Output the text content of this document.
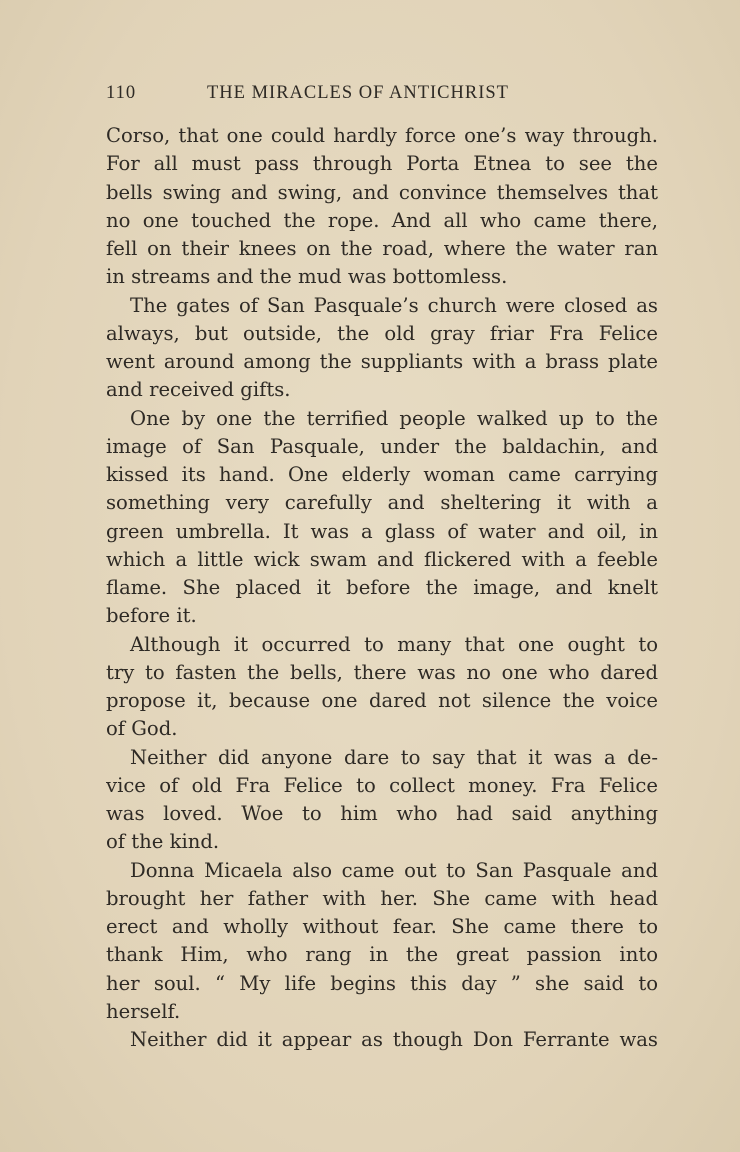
110	THE MIRACLES OF ANTICHRIST
Corso, that one could hardly force one’s way through.
For all must pass through Porta Etnea to see the
bells swing and swing, and convince themselves that
no one touched the rope. And all who came there,
fell on their knees on the road, where the water ran
in streams and the mud was bottomless.
The gates of San Pasquale’s church were closed as
always, but outside, the old gray friar Fra Felice
went around among the suppliants with a brass plate
and received gifts.
One by one the terrified people walked up to the
image of San Pasquale, under the baldachin, and
kissed its hand. One elderly woman came carrying
something very carefully and sheltering it with a
green umbrella. It was a glass of water and oil, in
which a little wick swam and flickered with a feeble
flame. She placed it before the image, and knelt
before it.
Although it occurred to many that one ought to
try to fasten the bells, there was no one who dared
propose it, because one dared not silence the voice
of God.
Neither did anyone dare to say that it was a de-
vice of old Fra Felice to collect money. Fra Felice
was loved. Woe to him who had said anything
of the kind.
Donna Micaela also came out to San Pasquale and
brought her father with her. She came with head
erect and wholly without fear. She came there to
thank Him, who rang in the great passion into
her soul. “ My life begins this day ” she said to
herself.
Neither did it appear as though Don Ferrante was
